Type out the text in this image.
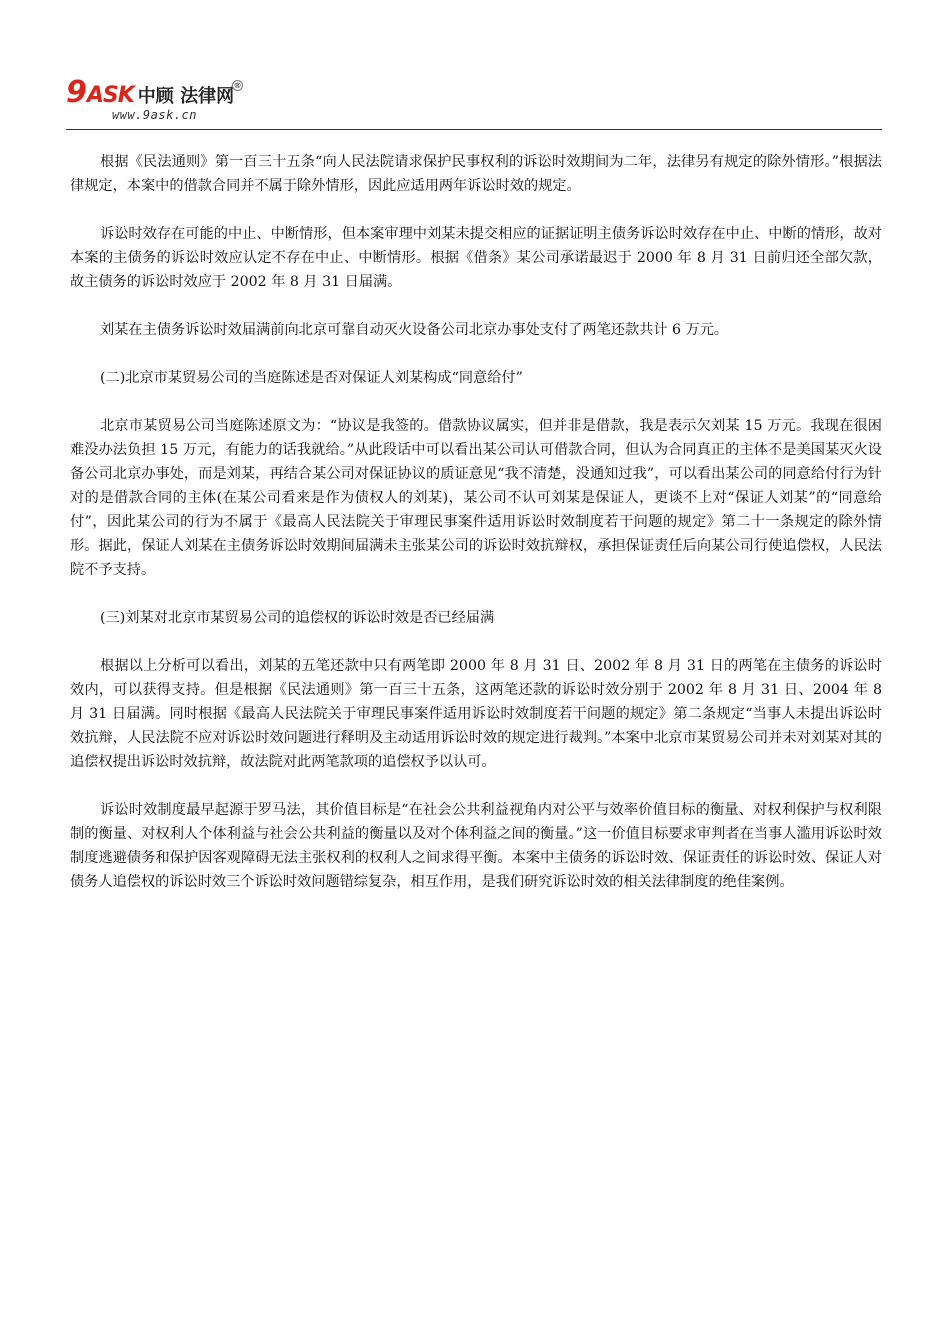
9 ASK 中顾 法律网
®
www.9ask.cn

根据《民法通则》第一百三十五条“向人民法院请求保护民事权利的诉讼时效期间为二年，法律另有规定的除外情形。”根据法律规定，本案中的借款合同并不属于除外情形，因此应适用两年诉讼时效的规定。

诉讼时效存在可能的中止、中断情形，但本案审理中刘某未提交相应的证据证明主债务诉讼时效存在中止、中断的情形，故对本案的主债务的诉讼时效应认定不存在中止、中断情形。根据《借条》某公司承诺最迟于 2000 年 8 月 31 日前归还全部欠款，故主债务的诉讼时效应于 2002 年 8 月 31 日届满。

刘某在主债务诉讼时效届满前向北京可靠自动灭火设备公司北京办事处支付了两笔还款共计 6 万元。

(二)北京市某贸易公司的当庭陈述是否对保证人刘某构成“同意给付”

北京市某贸易公司当庭陈述原文为：“协议是我签的。借款协议属实，但并非是借款，我是表示欠刘某 15 万元。我现在很困难没办法负担 15 万元，有能力的话我就给。”从此段话中可以看出某公司认可借款合同，但认为合同真正的主体不是美国某灭火设备公司北京办事处，而是刘某，再结合某公司对保证协议的质证意见“我不清楚，没通知过我”，可以看出某公司的同意给付行为针对的是借款合同的主体(在某公司看来是作为债权人的刘某)，某公司不认可刘某是保证人，更谈不上对“保证人刘某”的“同意给付”，因此某公司的行为不属于《最高人民法院关于审理民事案件适用诉讼时效制度若干问题的规定》第二十一条规定的除外情形。据此，保证人刘某在主债务诉讼时效期间届满未主张某公司的诉讼时效抗辩权，承担保证责任后向某公司行使追偿权，人民法院不予支持。

(三)刘某对北京市某贸易公司的追偿权的诉讼时效是否已经届满

根据以上分析可以看出，刘某的五笔还款中只有两笔即 2000 年 8 月 31 日、2002 年 8 月 31 日的两笔在主债务的诉讼时效内，可以获得支持。但是根据《民法通则》第一百三十五条，这两笔还款的诉讼时效分别于 2002 年 8 月 31 日、2004 年 8 月 31 日届满。同时根据《最高人民法院关于审理民事案件适用诉讼时效制度若干问题的规定》第二条规定“当事人未提出诉讼时效抗辩，人民法院不应对诉讼时效问题进行释明及主动适用诉讼时效的规定进行裁判。”本案中北京市某贸易公司并未对刘某对其的追偿权提出诉讼时效抗辩，故法院对此两笔款项的追偿权予以认可。

诉讼时效制度最早起源于罗马法，其价值目标是“在社会公共利益视角内对公平与效率价值目标的衡量、对权利保护与权利限制的衡量、对权利人个体利益与社会公共利益的衡量以及对个体利益之间的衡量。”这一价值目标要求审判者在当事人滥用诉讼时效制度逃避债务和保护因客观障碍无法主张权利的权利人之间求得平衡。本案中主债务的诉讼时效、保证责任的诉讼时效、保证人对债务人追偿权的诉讼时效三个诉讼时效问题错综复杂，相互作用，是我们研究诉讼时效的相关法律制度的绝佳案例。
